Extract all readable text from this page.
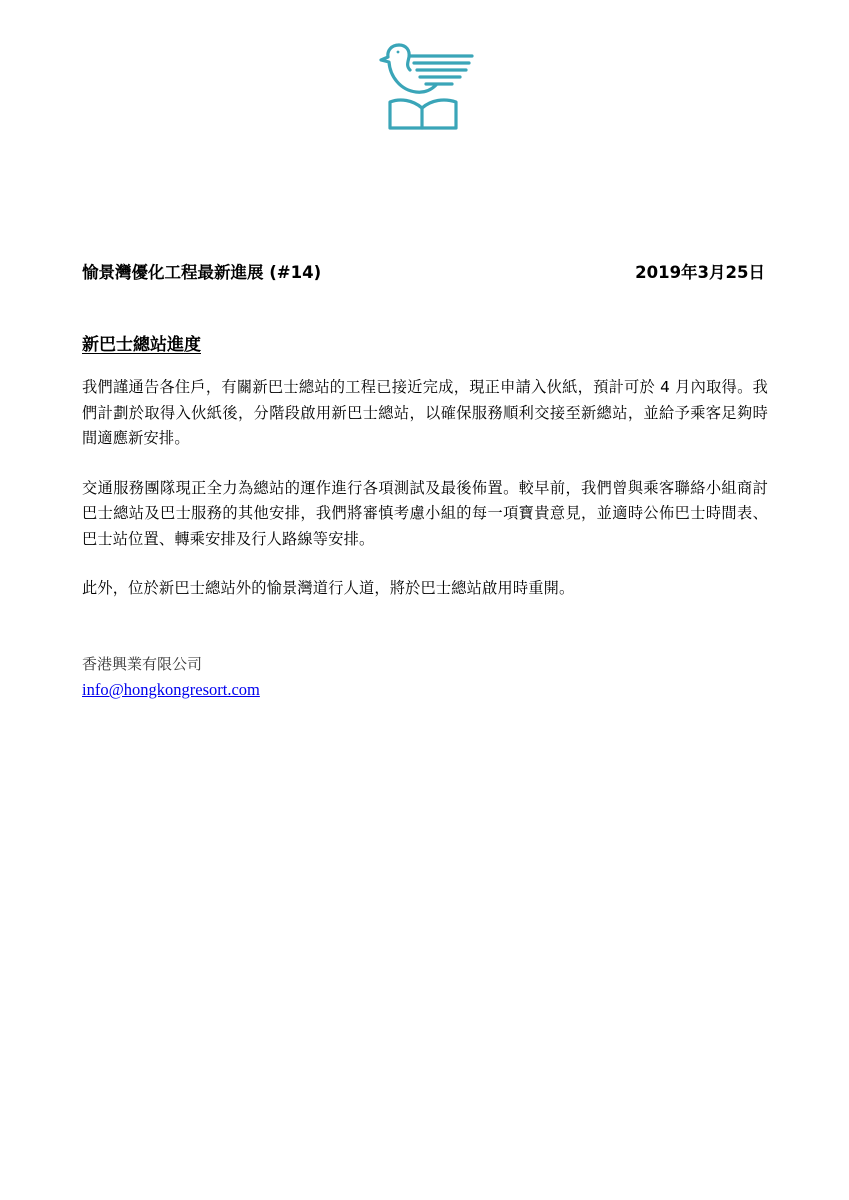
愉景灣優化工程最新進展 (#14)	2019年3月25日
新巴士總站進度

我們謹通告各住戶，有關新巴士總站的工程已接近完成，現正申請入伙紙，預計可於 4 月內取得。我們計劃於取得入伙紙後，分階段啟用新巴士總站，以確保服務順利交接至新總站，並給予乘客足夠時間適應新安排。

交通服務團隊現正全力為總站的運作進行各項測試及最後佈置。較早前，我們曾與乘客聯絡小組商討巴士總站及巴士服務的其他安排，我們將審慎考慮小組的每一項寶貴意見，並適時公佈巴士時間表、巴士站位置、轉乘安排及行人路線等安排。

此外，位於新巴士總站外的愉景灣道行人道，將於巴士總站啟用時重開。

香港興業有限公司
info@hongkongresort.com
